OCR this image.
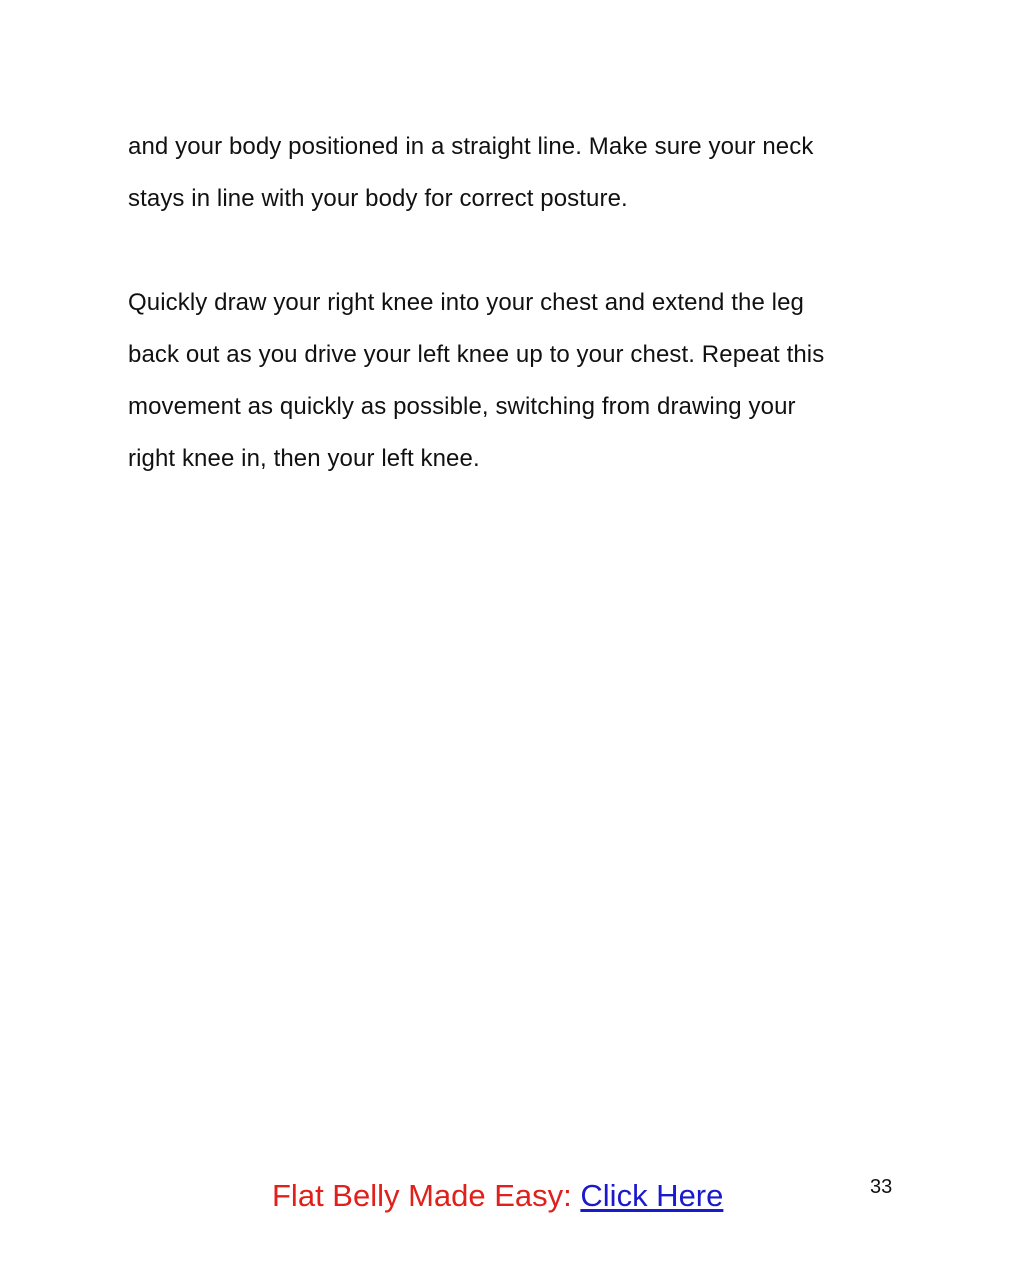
and your body positioned in a straight line. Make sure your neck
stays in line with your body for correct posture.
Quickly draw your right knee into your chest and extend the leg
back out as you drive your left knee up to your chest. Repeat this
movement as quickly as possible, switching from drawing your
right knee in, then your left knee.
Flat Belly Made Easy: Click Here	33
